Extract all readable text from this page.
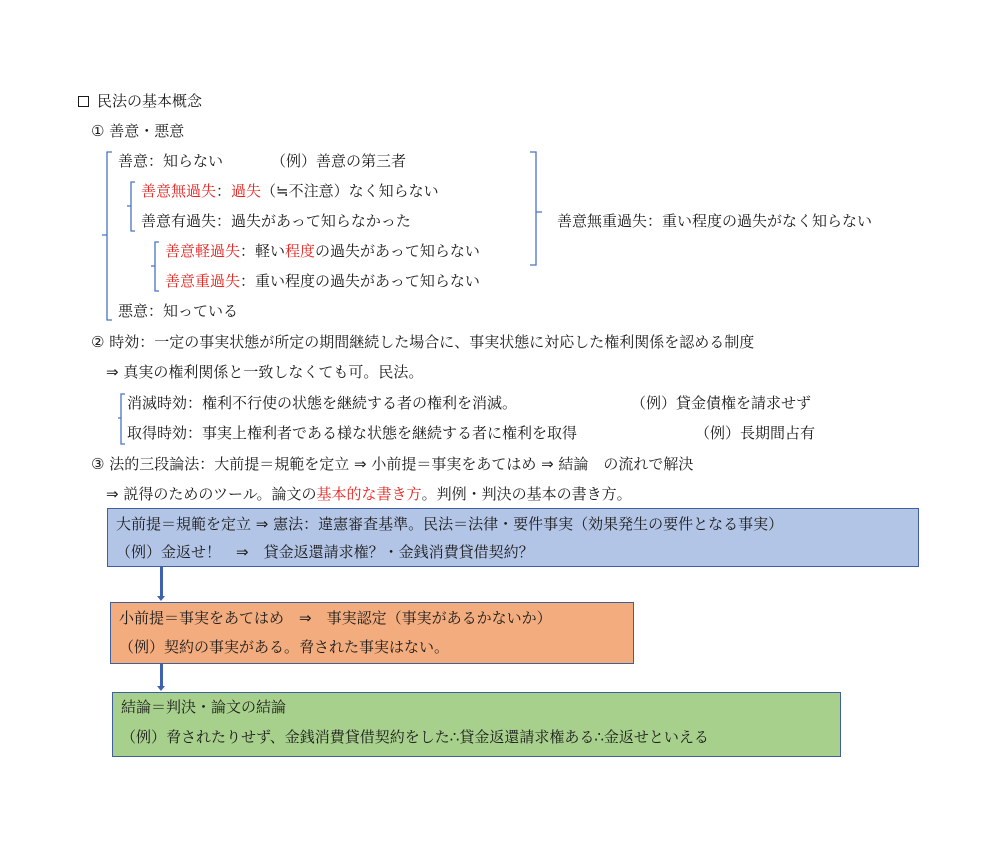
民法の基本概念
① 善意・悪意
善意：知らない	（例）善意の第三者
善意無過失：過失（≒不注意）なく知らない
善意有過失：過失があって知らなかった
善意軽過失：軽い程度の過失があって知らない
善意重過失：重い程度の過失があって知らない
悪意：知っている
善意無重過失：重い程度の過失がなく知らない
② 時効：一定の事実状態が所定の期間継続した場合に、事実状態に対応した権利関係を認める制度
⇒ 真実の権利関係と一致しなくても可。民法。
消滅時効：権利不行使の状態を継続する者の権利を消滅。	（例）貸金債権を請求せず
取得時効：事実上権利者である様な状態を継続する者に権利を取得	（例）長期間占有
③ 法的三段論法：大前提＝規範を定立 ⇒ 小前提＝事実をあてはめ ⇒ 結論　の流れで解決
⇒ 説得のためのツール。論文の基本的な書き方。判例・判決の基本の書き方。
大前提＝規範を定立 ⇒ 憲法：違憲審査基準。民法＝法律・要件事実（効果発生の要件となる事実）
（例）金返せ！　⇒　貸金返還請求権？・金銭消費貸借契約？
小前提＝事実をあてはめ　⇒　事実認定（事実があるかないか）
（例）契約の事実がある。脅された事実はない。
結論＝判決・論文の結論
（例）脅されたりせず、金銭消費貸借契約をした∴貸金返還請求権ある∴金返せといえる
